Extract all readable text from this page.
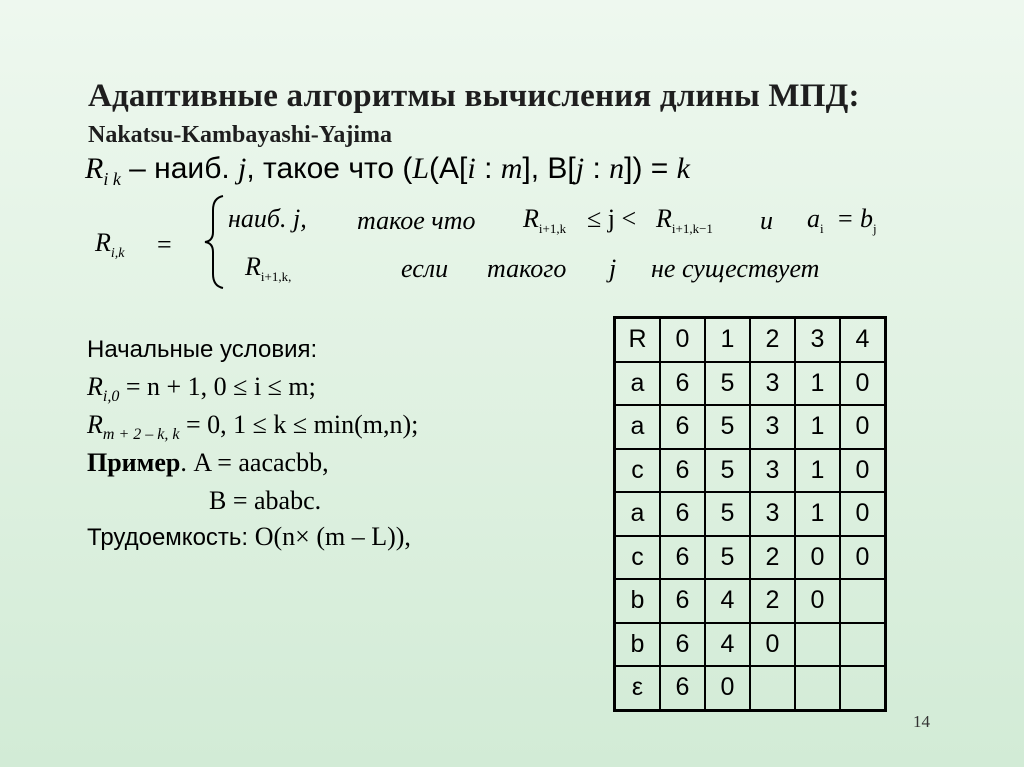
Адаптивные алгоритмы вычисления длины МПД:
Nakatsu-Kambayashi-Yajima
$R_{i k}$ – наиб. j, такое что (L(A[i : m], B[j : n]) = k
$R_{i,k}$ =
наиб. j, такое что $R_{i+1,k} \le j < R_{i+1,k-1}$ и $a_i = b_j$
$R_{i+1,k,}$	если такого j не существует
Начальные условия:
$R_{i,0} = n + 1$, 0 ≤ i ≤ m;
$R_{m + 2 - k, k} = 0$, 1 ≤ k ≤ min(m,n);
Пример. A = aacacbb,
B = ababc.
Трудоемкость: O(n× (m – L)),
R	0	1	2	3	4
a	6	5	3	1	0
a	6	5	3	1	0
c	6	5	3	1	0
a	6	5	3	1	0
c	6	5	2	0	0
b	6	4	2	0	
b	6	4	0		
ε	6	0			
14
